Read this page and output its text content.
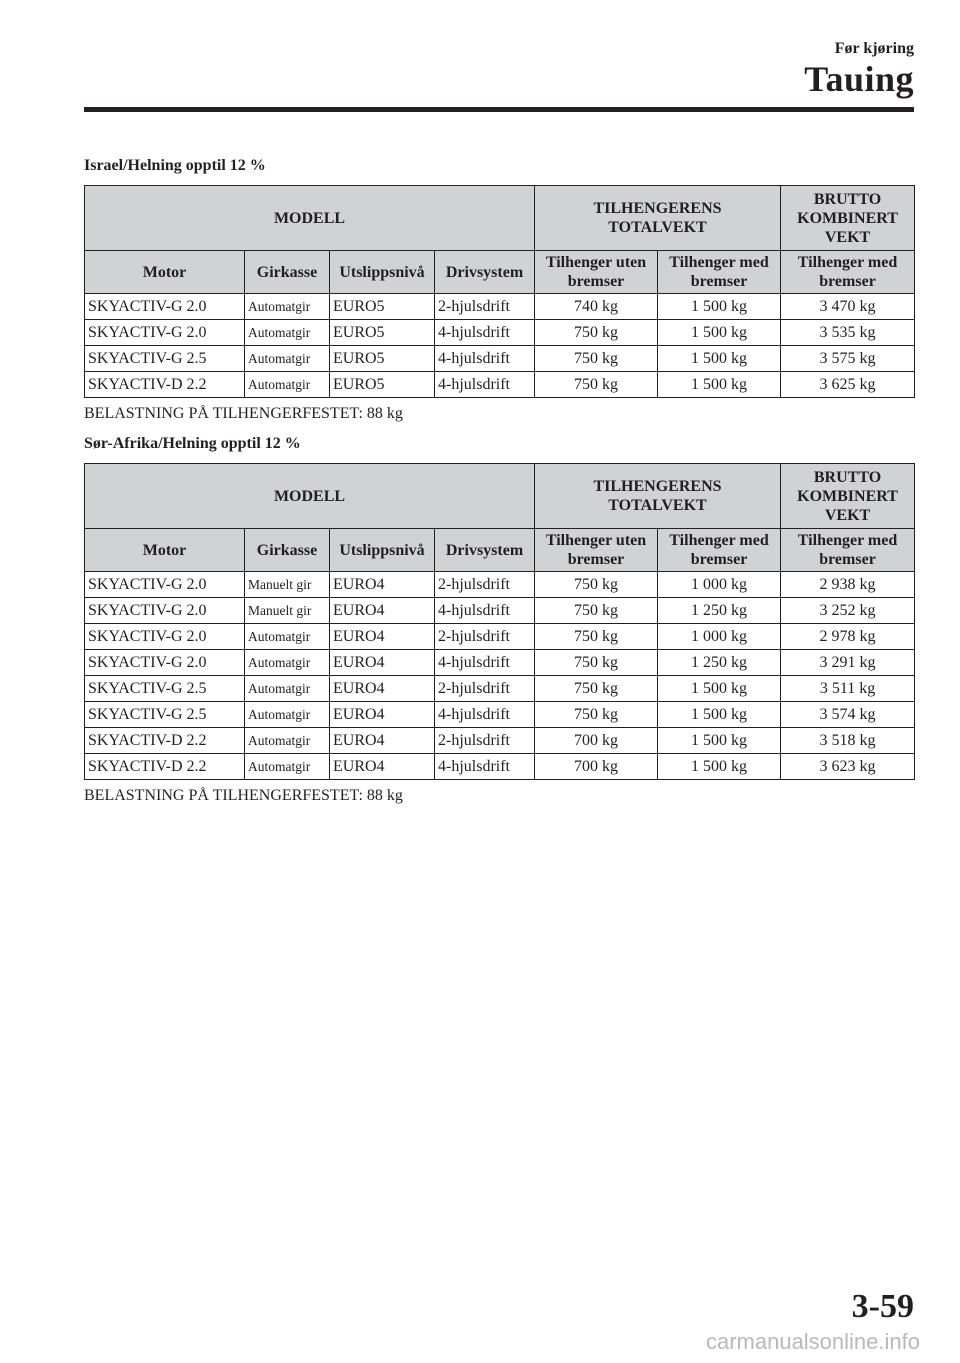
Før kjøring
Tauing
Israel/Helning opptil 12 %
MODELL				TILHENGERENS TOTALVEKT		BRUTTO KOMBINERT VEKT
Motor	Girkasse	Utslippsnivå	Drivsystem	Tilhenger uten bremser	Tilhenger med bremser	Tilhenger med bremser
SKYACTIV-G 2.0	Automatgir	EURO5	2-hjulsdrift	740 kg	1 500 kg	3 470 kg
SKYACTIV-G 2.0	Automatgir	EURO5	4-hjulsdrift	750 kg	1 500 kg	3 535 kg
SKYACTIV-G 2.5	Automatgir	EURO5	4-hjulsdrift	750 kg	1 500 kg	3 575 kg
SKYACTIV-D 2.2	Automatgir	EURO5	4-hjulsdrift	750 kg	1 500 kg	3 625 kg
BELASTNING PÅ TILHENGERFESTET: 88 kg
Sør-Afrika/Helning opptil 12 %
MODELL				TILHENGERENS TOTALVEKT		BRUTTO KOMBINERT VEKT
Motor	Girkasse	Utslippsnivå	Drivsystem	Tilhenger uten bremser	Tilhenger med bremser	Tilhenger med bremser
SKYACTIV-G 2.0	Manuelt gir	EURO4	2-hjulsdrift	750 kg	1 000 kg	2 938 kg
SKYACTIV-G 2.0	Manuelt gir	EURO4	4-hjulsdrift	750 kg	1 250 kg	3 252 kg
SKYACTIV-G 2.0	Automatgir	EURO4	2-hjulsdrift	750 kg	1 000 kg	2 978 kg
SKYACTIV-G 2.0	Automatgir	EURO4	4-hjulsdrift	750 kg	1 250 kg	3 291 kg
SKYACTIV-G 2.5	Automatgir	EURO4	2-hjulsdrift	750 kg	1 500 kg	3 511 kg
SKYACTIV-G 2.5	Automatgir	EURO4	4-hjulsdrift	750 kg	1 500 kg	3 574 kg
SKYACTIV-D 2.2	Automatgir	EURO4	2-hjulsdrift	700 kg	1 500 kg	3 518 kg
SKYACTIV-D 2.2	Automatgir	EURO4	4-hjulsdrift	700 kg	1 500 kg	3 623 kg
BELASTNING PÅ TILHENGERFESTET: 88 kg
3-59
carmanualsonline.info
